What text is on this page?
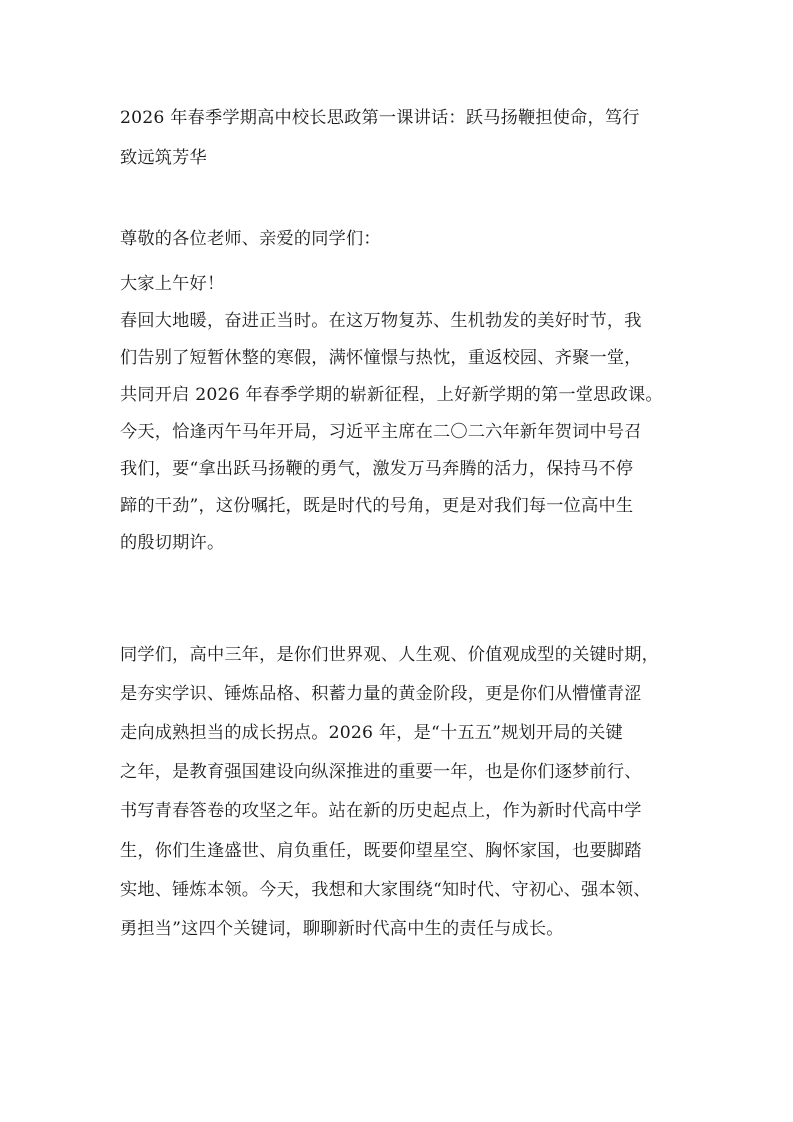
2026 年春季学期高中校长思政第一课讲话：跃马扬鞭担使命，笃行
致远筑芳华
尊敬的各位老师、亲爱的同学们：
大家上午好！
春回大地暖，奋进正当时。在这万物复苏、生机勃发的美好时节，我
们告别了短暂休整的寒假，满怀憧憬与热忱，重返校园、齐聚一堂，
共同开启 2026 年春季学期的崭新征程，上好新学期的第一堂思政课。
今天，恰逢丙午马年开局，习近平主席在二〇二六年新年贺词中号召
我们，要“拿出跃马扬鞭的勇气，激发万马奔腾的活力，保持马不停
蹄的干劲”，这份嘱托，既是时代的号角，更是对我们每一位高中生
的殷切期许。
同学们，高中三年，是你们世界观、人生观、价值观成型的关键时期，
是夯实学识、锤炼品格、积蓄力量的黄金阶段，更是你们从懵懂青涩
走向成熟担当的成长拐点。2026 年，是“十五五”规划开局的关键
之年，是教育强国建设向纵深推进的重要一年，也是你们逐梦前行、
书写青春答卷的攻坚之年。站在新的历史起点上，作为新时代高中学
生，你们生逢盛世、肩负重任，既要仰望星空、胸怀家国，也要脚踏
实地、锤炼本领。今天，我想和大家围绕“知时代、守初心、强本领、
勇担当”这四个关键词，聊聊新时代高中生的责任与成长。
